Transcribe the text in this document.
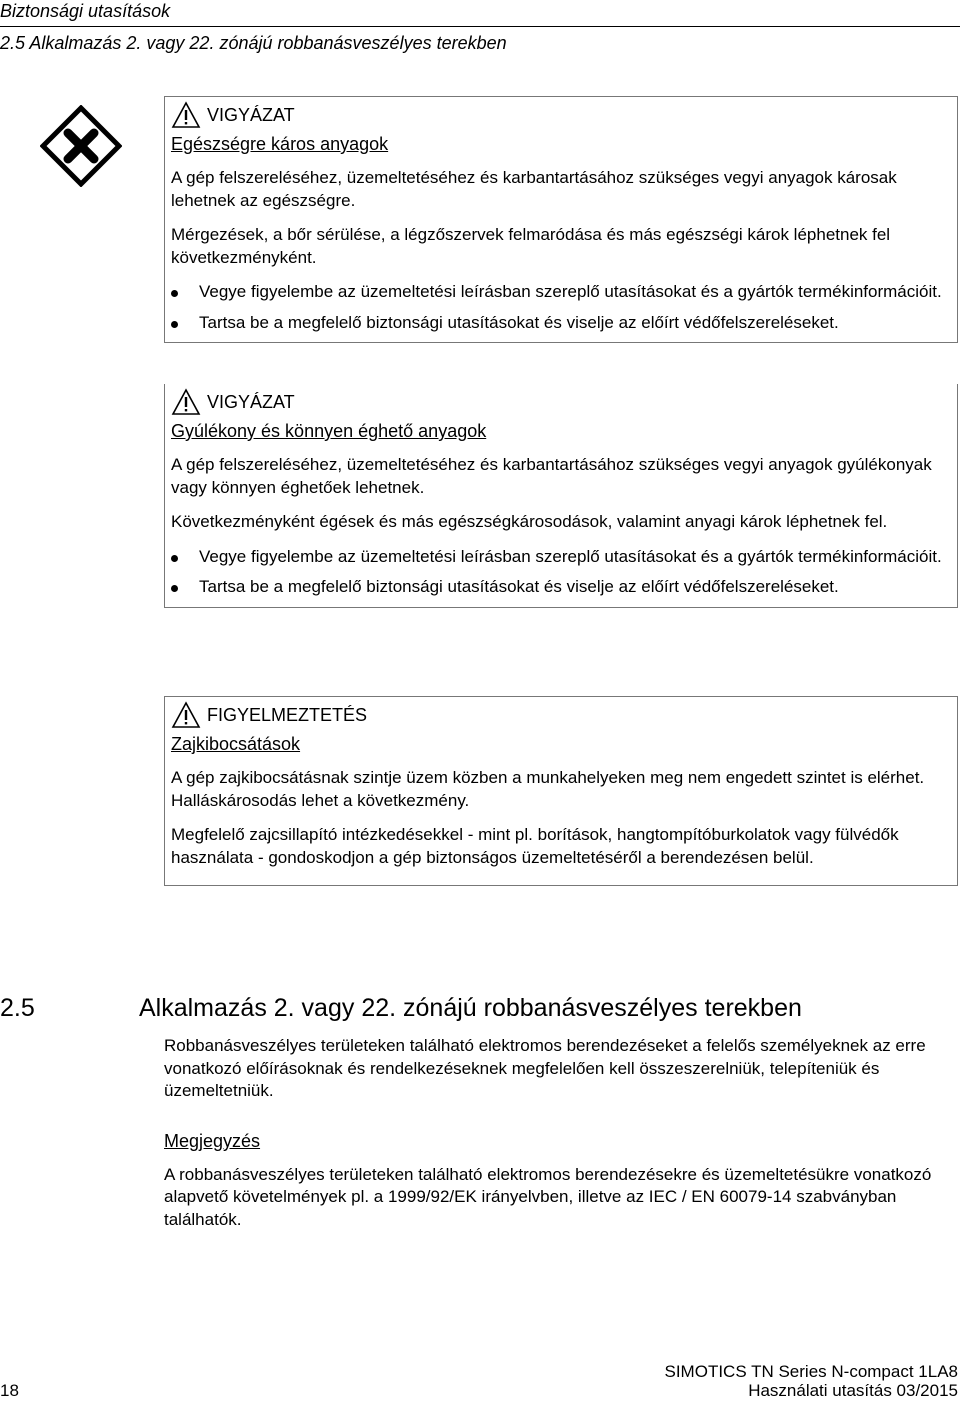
Biztonsági utasítások
2.5 Alkalmazás 2. vagy 22. zónájú robbanásveszélyes terekben
VIGYÁZAT
Egészségre káros anyagok

A gép felszereléséhez, üzemeltetéséhez és karbantartásához szükséges vegyi anyagok károsak lehetnek az egészségre.

Mérgezések, a bőr sérülése, a légzőszervek felmaródása és más egészségi károk léphetnek fel következményként.

Vegye figyelembe az üzemeltetési leírásban szereplő utasításokat és a gyártók termékinformációit.
Tartsa be a megfelelő biztonsági utasításokat és viselje az előírt védőfelszereléseket.
VIGYÁZAT
Gyúlékony és könnyen éghető anyagok

A gép felszereléséhez, üzemeltetéséhez és karbantartásához szükséges vegyi anyagok gyúlékonyak vagy könnyen éghetőek lehetnek.

Következményként égések és más egészségkárosodások, valamint anyagi károk léphetnek fel.

Vegye figyelembe az üzemeltetési leírásban szereplő utasításokat és a gyártók termékinformációit.
Tartsa be a megfelelő biztonsági utasításokat és viselje az előírt védőfelszereléseket.
FIGYELMEZTETÉS
Zajkibocsátások

A gép zajkibocsátásnak szintje üzem közben a munkahelyeken meg nem engedett szintet is elérhet. Halláskárosodás lehet a következmény.

Megfelelő zajcsillapító intézkedésekkel - mint pl. borítások, hangtompítóburkolatok vagy fülvédők használata - gondoskodjon a gép biztonságos üzemeltetéséről a berendezésen belül.

2.5	Alkalmazás 2. vagy 22. zónájú robbanásveszélyes terekben

Robbanásveszélyes területeken található elektromos berendezéseket a felelős személyeknek az erre vonatkozó előírásoknak és rendelkezéseknek megfelelően kell összeszerelniük, telepíteniük és üzemeltetniük.

Megjegyzés

A robbanásveszélyes területeken található elektromos berendezésekre és üzemeltetésükre vonatkozó alapvető követelmények pl. a 1999/92/EK irányelvben, illetve az IEC / EN 60079-14 szabványban találhatók.

18
SIMOTICS TN Series N-compact 1LA8
Használati utasítás 03/2015
